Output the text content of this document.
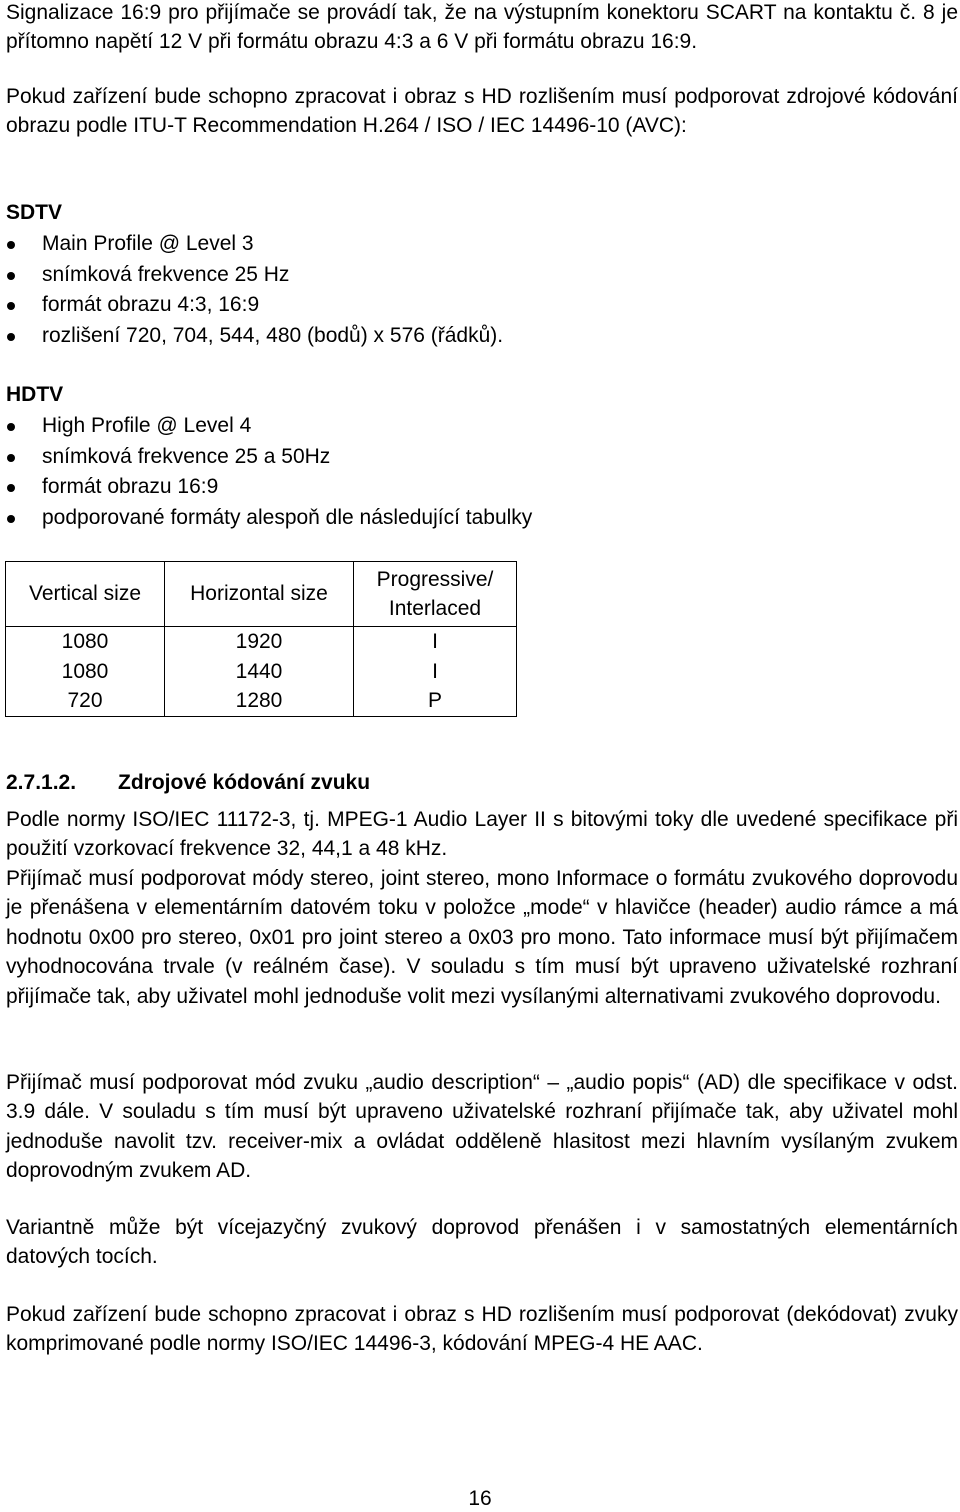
Signalizace 16:9 pro přijímače se provádí tak, že na výstupním konektoru SCART na kontaktu č. 8 je přítomno napětí 12 V při formátu obrazu 4:3 a 6 V při formátu obrazu 16:9.

Pokud zařízení bude schopno zpracovat i obraz s HD rozlišením musí podporovat zdrojové kódování obrazu podle ITU-T Recommendation H.264 / ISO / IEC 14496-10 (AVC):

SDTV

Main Profile @ Level 3
snímková frekvence 25 Hz
formát obrazu 4:3, 16:9
rozlišení 720, 704, 544, 480 (bodů) x 576 (řádků).

HDTV

High Profile @ Level 4
snímková frekvence 25 a 50Hz
formát obrazu 16:9
podporované formáty alespoň dle následující tabulky
Vertical size	Horizontal size	Progressive/
Interlaced
1080	1920	I
1080	1440	I
720	1280	P

2.7.1.2. Zdrojové kódování zvuku

Podle normy ISO/IEC 11172-3, tj. MPEG-1 Audio Layer II s bitovými toky dle uvedené specifikace při použití vzorkovací frekvence 32, 44,1 a 48 kHz.

Přijímač musí podporovat módy stereo, joint stereo, mono Informace o formátu zvukového doprovodu je přenášena v elementárním datovém toku v položce „mode“ v hlavičce (header) audio rámce a má hodnotu 0x00 pro stereo, 0x01 pro joint stereo a 0x03 pro mono. Tato informace musí být přijímačem vyhodnocována trvale (v reálném čase). V souladu s tím musí být upraveno uživatelské rozhraní přijímače tak, aby uživatel mohl jednoduše volit mezi vysílanými alternativami zvukového doprovodu.

Přijímač musí podporovat mód zvuku „audio description“ – „audio popis“ (AD) dle specifikace v odst. 3.9 dále. V souladu s tím musí být upraveno uživatelské rozhraní přijímače tak, aby uživatel mohl jednoduše navolit tzv. receiver-mix a ovládat odděleně hlasitost mezi hlavním vysílaným zvukem doprovodným zvukem AD.

Variantně může být vícejazyčný zvukový doprovod přenášen i v samostatných elementárních datových tocích.

Pokud zařízení bude schopno zpracovat i obraz s HD rozlišením musí podporovat (dekódovat) zvuky komprimované podle normy ISO/IEC 14496-3, kódování MPEG-4 HE AAC.

16
